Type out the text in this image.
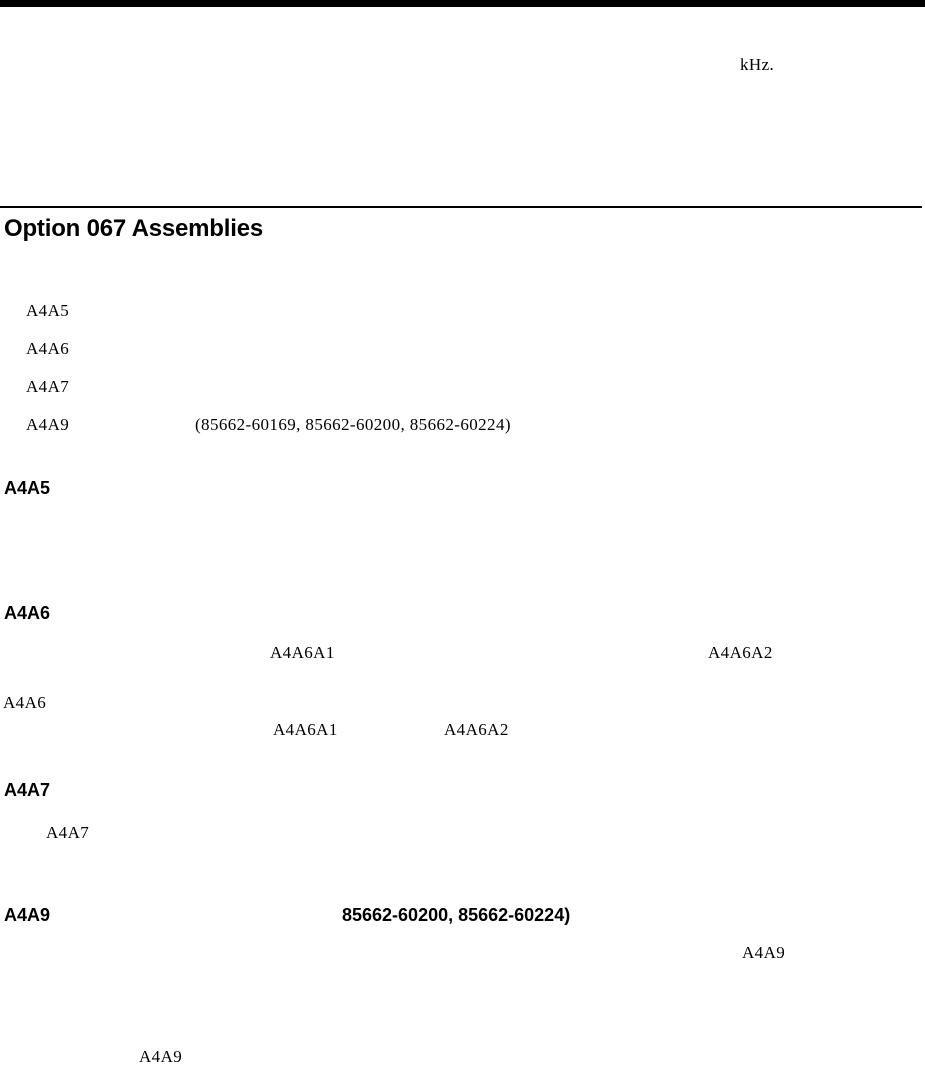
kHz.
Option 067 Assemblies
A4A5
A4A6
A4A7
A4A9	(85662-60169, 85662-60200, 85662-60224)
A4A5
A4A6
A4A6A1	A4A6A2
A4A6
A4A6A1	A4A6A2
A4A7
A4A7
A4A9	85662-60200, 85662-60224)
A4A9
A4A9
